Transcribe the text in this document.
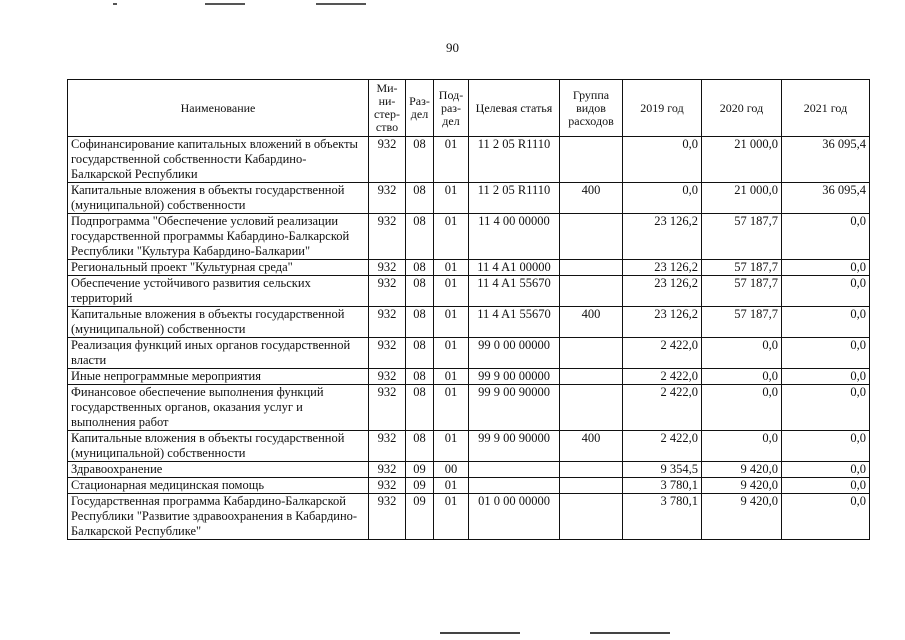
90
Наименование	Ми-ни-стер-ство	Раз-дел	Под-раз-дел	Целевая статья	Группа видов расходов	2019 год	2020 год	2021 год
Софинансирование капитальных вложений в объекты государственной собственности Кабардино-Балкарской Республики	932	08	01	11 2 05 R1110		0,0	21 000,0	36 095,4
Капитальные вложения в объекты государственной (муниципальной) собственности	932	08	01	11 2 05 R1110	400	0,0	21 000,0	36 095,4
Подпрограмма "Обеспечение условий реализации государственной программы Кабардино-Балкарской Республики "Культура Кабардино-Балкарии"	932	08	01	11 4 00 00000		23 126,2	57 187,7	0,0
Региональный проект "Культурная среда"	932	08	01	11 4 A1 00000		23 126,2	57 187,7	0,0
Обеспечение устойчивого развития сельских территорий	932	08	01	11 4 A1 55670		23 126,2	57 187,7	0,0
Капитальные вложения в объекты государственной (муниципальной) собственности	932	08	01	11 4 A1 55670	400	23 126,2	57 187,7	0,0
Реализация функций иных органов государственной власти	932	08	01	99 0 00 00000		2 422,0	0,0	0,0
Иные непрограммные мероприятия	932	08	01	99 9 00 00000		2 422,0	0,0	0,0
Финансовое обеспечение выполнения функций государственных органов, оказания услуг и выполнения работ	932	08	01	99 9 00 90000		2 422,0	0,0	0,0
Капитальные вложения в объекты государственной (муниципальной) собственности	932	08	01	99 9 00 90000	400	2 422,0	0,0	0,0
Здравоохранение	932	09	00			9 354,5	9 420,0	0,0
Стационарная медицинская помощь	932	09	01			3 780,1	9 420,0	0,0
Государственная программа Кабардино-Балкарской Республики "Развитие здравоохранения в Кабардино-Балкарской Республике"	932	09	01	01 0 00 00000		3 780,1	9 420,0	0,0
